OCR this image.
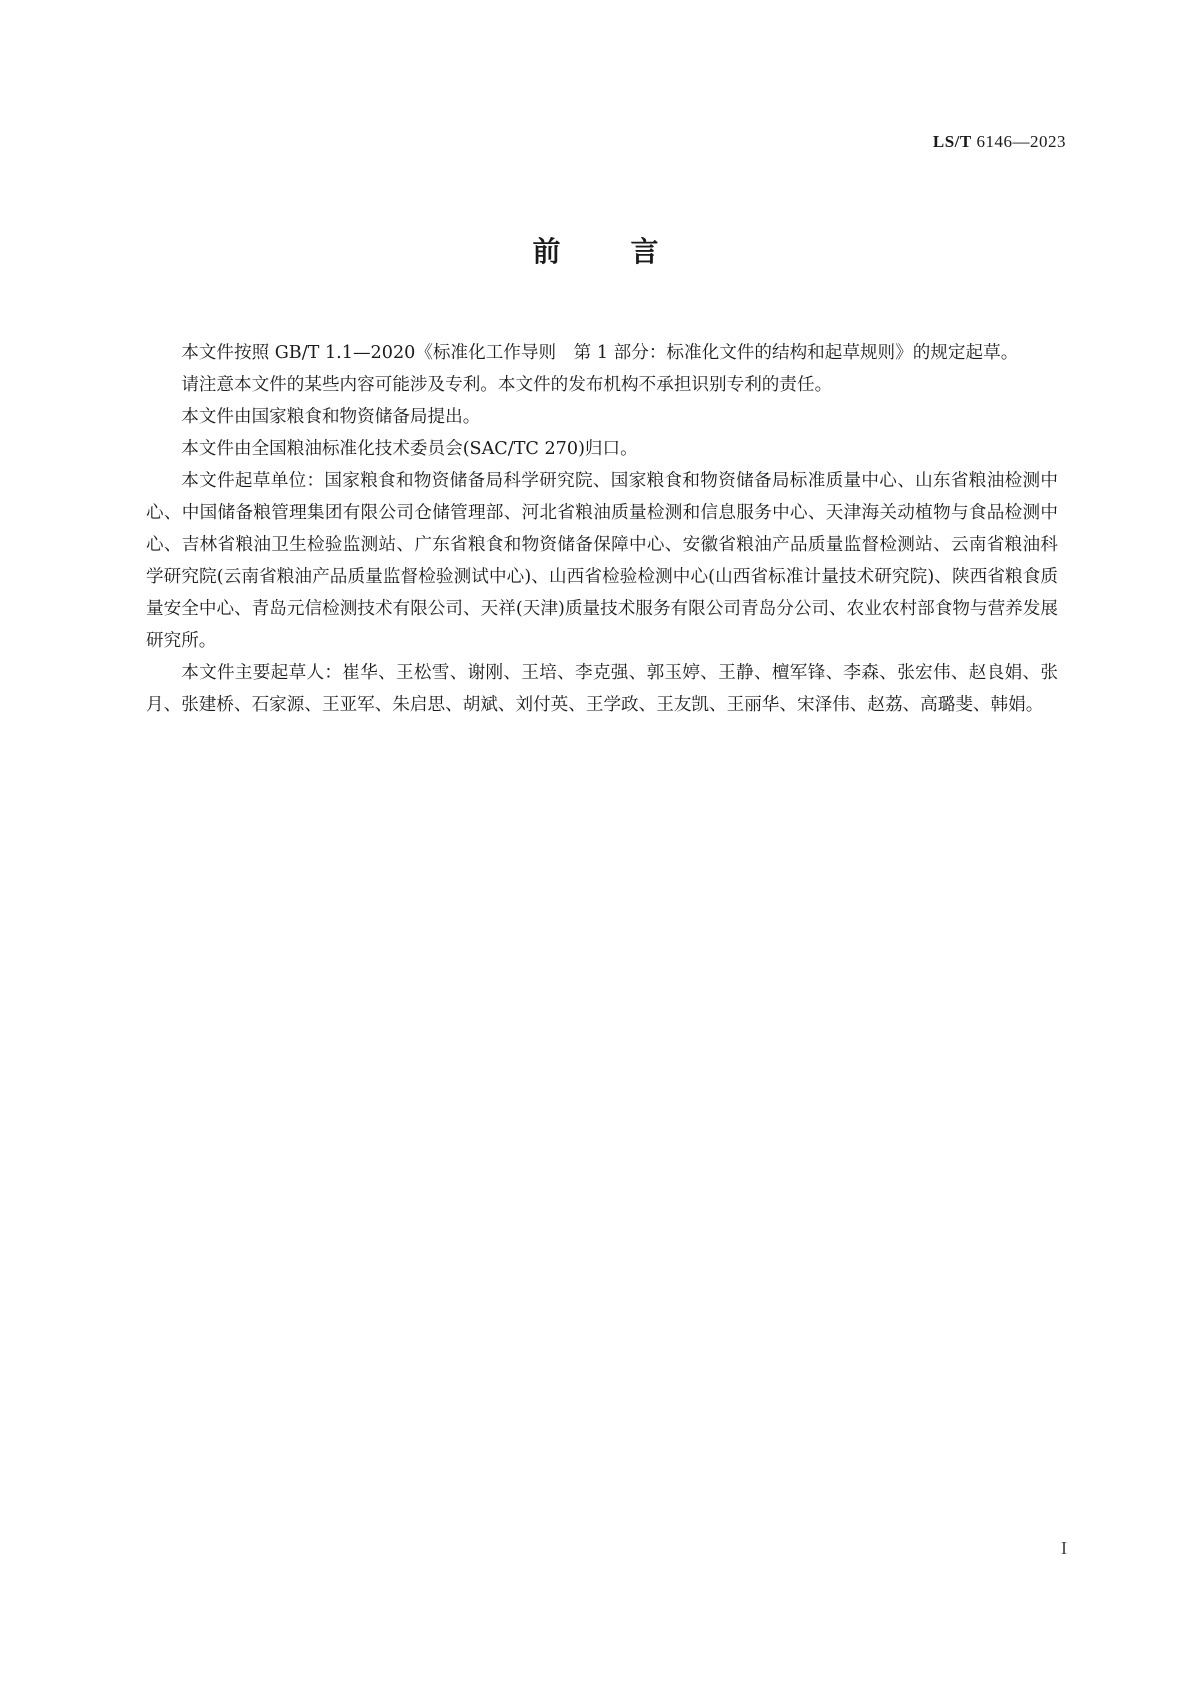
LS/T 6146—2023
前	言

本文件按照 GB/T 1.1—2020《标准化工作导则　第 1 部分：标准化文件的结构和起草规则》的规定起草。

请注意本文件的某些内容可能涉及专利。本文件的发布机构不承担识别专利的责任。

本文件由国家粮食和物资储备局提出。

本文件由全国粮油标准化技术委员会(SAC/TC 270)归口。

本文件起草单位：国家粮食和物资储备局科学研究院、国家粮食和物资储备局标准质量中心、山东省粮油检测中心、中国储备粮管理集团有限公司仓储管理部、河北省粮油质量检测和信息服务中心、天津海关动植物与食品检测中心、吉林省粮油卫生检验监测站、广东省粮食和物资储备保障中心、安徽省粮油产品质量监督检测站、云南省粮油科学研究院(云南省粮油产品质量监督检验测试中心)、山西省检验检测中心(山西省标准计量技术研究院)、陕西省粮食质量安全中心、青岛元信检测技术有限公司、天祥(天津)质量技术服务有限公司青岛分公司、农业农村部食物与营养发展研究所。

本文件主要起草人：崔华、王松雪、谢刚、王培、李克强、郭玉婷、王静、檀军锋、李森、张宏伟、赵良娟、张月、张建桥、石家源、王亚军、朱启思、胡斌、刘付英、王学政、王友凯、王丽华、宋泽伟、赵荔、高璐斐、韩娟。

I
